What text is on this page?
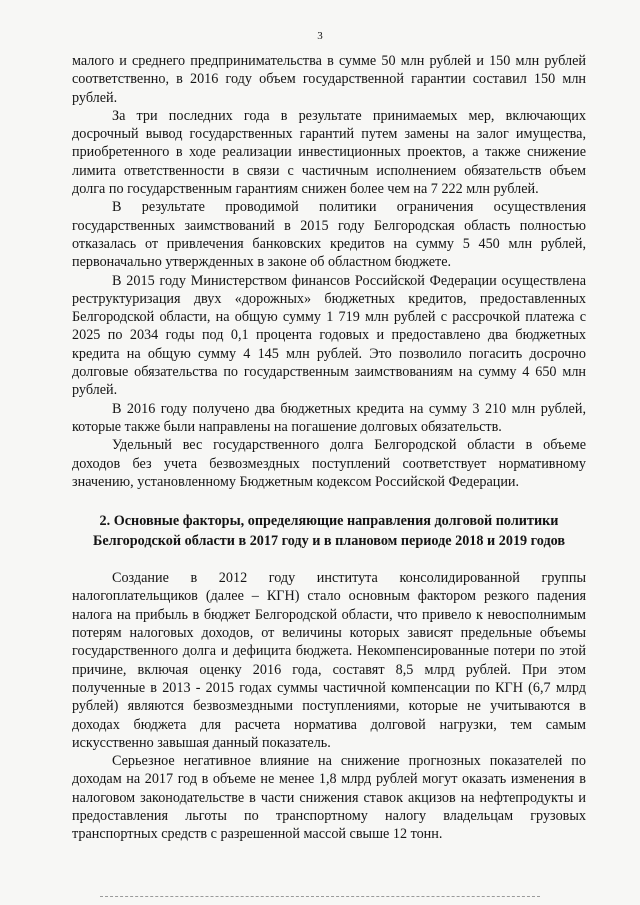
3

малого и среднего предпринимательства в сумме 50 млн рублей и 150 млн рублей соответственно, в 2016 году объем государственной гарантии составил 150 млн рублей.

За три последних года в результате принимаемых мер, включающих досрочный вывод государственных гарантий путем замены на залог имущества, приобретенного в ходе реализации инвестиционных проектов, а также снижение лимита ответственности в связи с частичным исполнением обязательств объем долга по государственным гарантиям снижен более чем на 7 222 млн рублей.

В результате проводимой политики ограничения осуществления государственных заимствований в 2015 году Белгородская область полностью отказалась от привлечения банковских кредитов на сумму 5 450 млн рублей, первоначально утвержденных в законе об областном бюджете.

В 2015 году Министерством финансов Российской Федерации осуществлена реструктуризация двух «дорожных» бюджетных кредитов, предоставленных Белгородской области, на общую сумму 1 719 млн рублей с рассрочкой платежа с 2025 по 2034 годы под 0,1 процента годовых и предоставлено два бюджетных кредита на общую сумму 4 145 млн рублей. Это позволило погасить досрочно долговые обязательства по государственным заимствованиям на сумму 4 650 млн рублей.

В 2016 году получено два бюджетных кредита на сумму 3 210 млн рублей, которые также были направлены на погашение долговых обязательств.

Удельный вес государственного долга Белгородской области в объеме доходов без учета безвозмездных поступлений соответствует нормативному значению, установленному Бюджетным кодексом Российской Федерации.

2. Основные факторы, определяющие направления долговой политики
Белгородской области в 2017 году и в плановом периоде 2018 и 2019 годов

Создание в 2012 году института консолидированной группы налогоплательщиков (далее – КГН) стало основным фактором резкого падения налога на прибыль в бюджет Белгородской области, что привело к невосполнимым потерям налоговых доходов, от величины которых зависят предельные объемы государственного долга и дефицита бюджета. Некомпенсированные потери по этой причине, включая оценку 2016 года, составят 8,5 млрд рублей. При этом полученные в 2013 - 2015 годах суммы частичной компенсации по КГН (6,7 млрд рублей) являются безвозмездными поступлениями, которые не учитываются в доходах бюджета для расчета норматива долговой нагрузки, тем самым искусственно завышая данный показатель.

Серьезное негативное влияние на снижение прогнозных показателей по доходам на 2017 год в объеме не менее 1,8 млрд рублей могут оказать изменения в налоговом законодательстве в части снижения ставок акцизов на нефтепродукты и предоставления льготы по транспортному налогу владельцам грузовых транспортных средств с разрешенной массой свыше 12 тонн.
